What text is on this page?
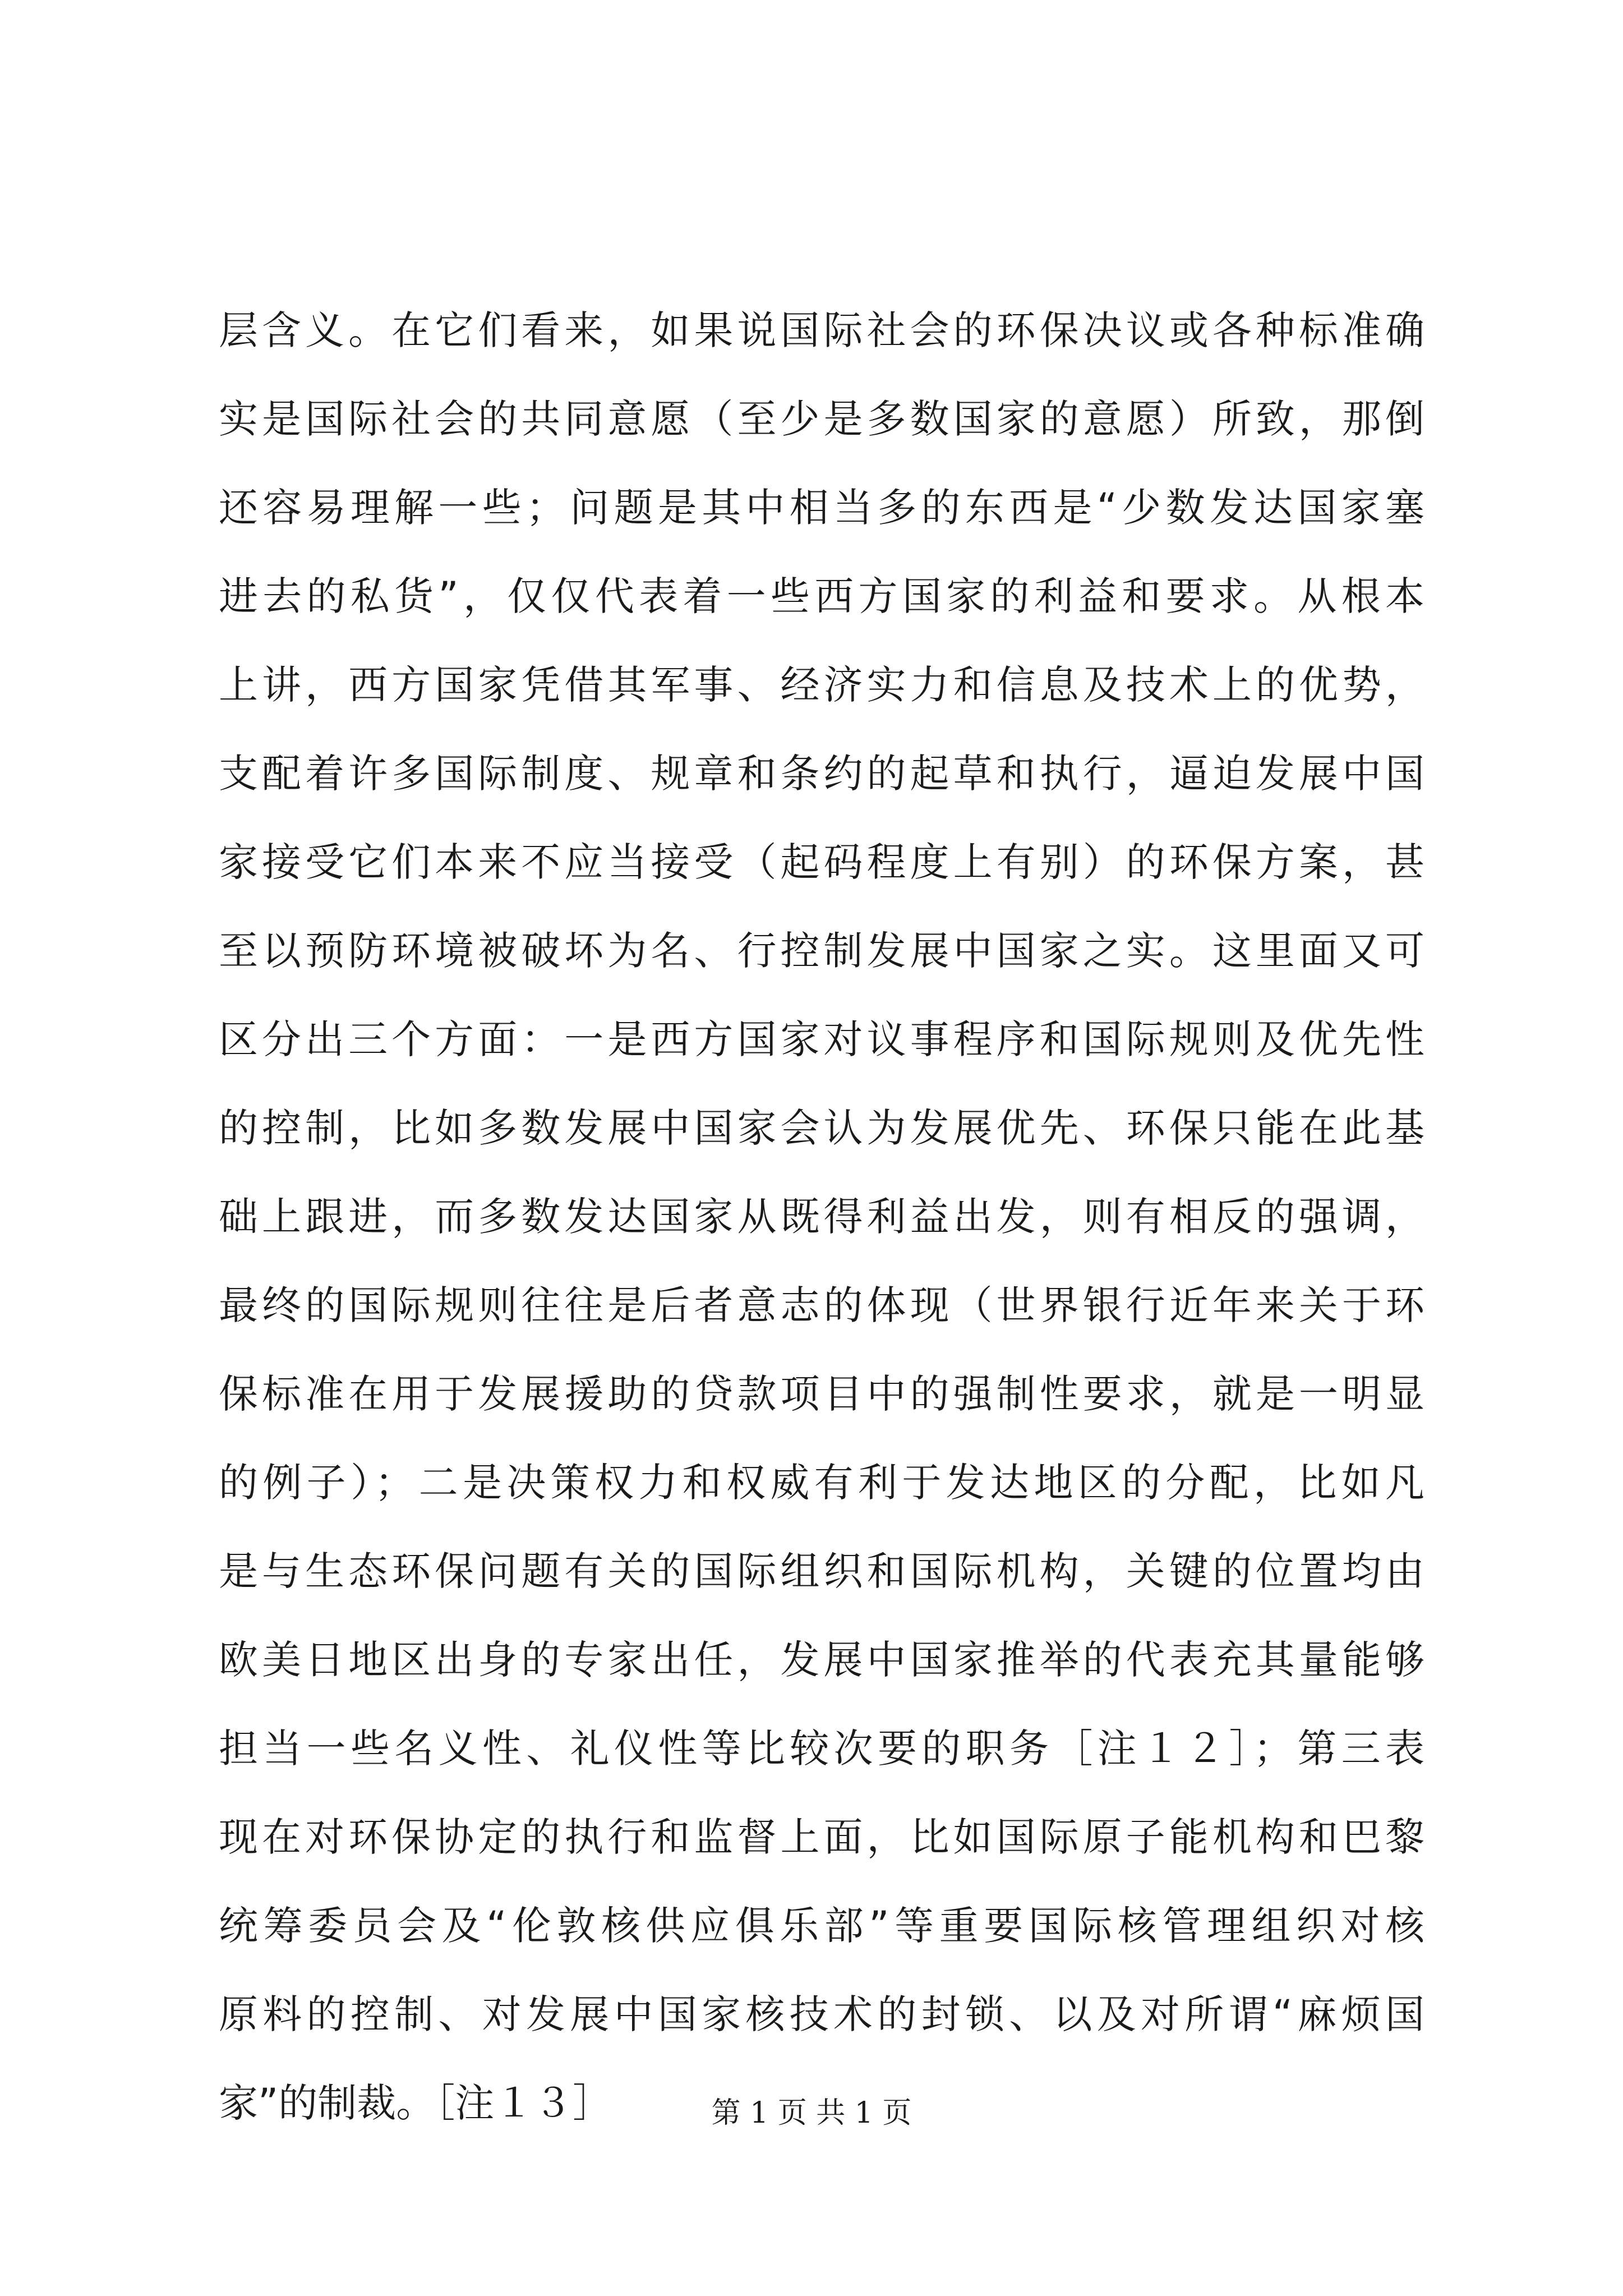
层含义。在它们看来，如果说国际社会的环保决议或各种标准确
实是国际社会的共同意愿（至少是多数国家的意愿）所致，那倒
还容易理解一些；问题是其中相当多的东西是“少数发达国家塞
进去的私货”，仅仅代表着一些西方国家的利益和要求。从根本
上讲，西方国家凭借其军事、经济实力和信息及技术上的优势，
支配着许多国际制度、规章和条约的起草和执行，逼迫发展中国
家接受它们本来不应当接受（起码程度上有别）的环保方案，甚
至以预防环境被破坏为名、行控制发展中国家之实。这里面又可
区分出三个方面：一是西方国家对议事程序和国际规则及优先性
的控制，比如多数发展中国家会认为发展优先、环保只能在此基
础上跟进，而多数发达国家从既得利益出发，则有相反的强调，
最终的国际规则往往是后者意志的体现（世界银行近年来关于环
保标准在用于发展援助的贷款项目中的强制性要求，就是一明显
的例子）；二是决策权力和权威有利于发达地区的分配，比如凡
是与生态环保问题有关的国际组织和国际机构，关键的位置均由
欧美日地区出身的专家出任，发展中国家推举的代表充其量能够
担当一些名义性、礼仪性等比较次要的职务［注１２］；第三表
现在对环保协定的执行和监督上面，比如国际原子能机构和巴黎
统筹委员会及“伦敦核供应俱乐部”等重要国际核管理组织对核
原料的控制、对发展中国家核技术的封锁、以及对所谓“麻烦国
家”的制裁。［注１３］	第 1 页 共 1 页
